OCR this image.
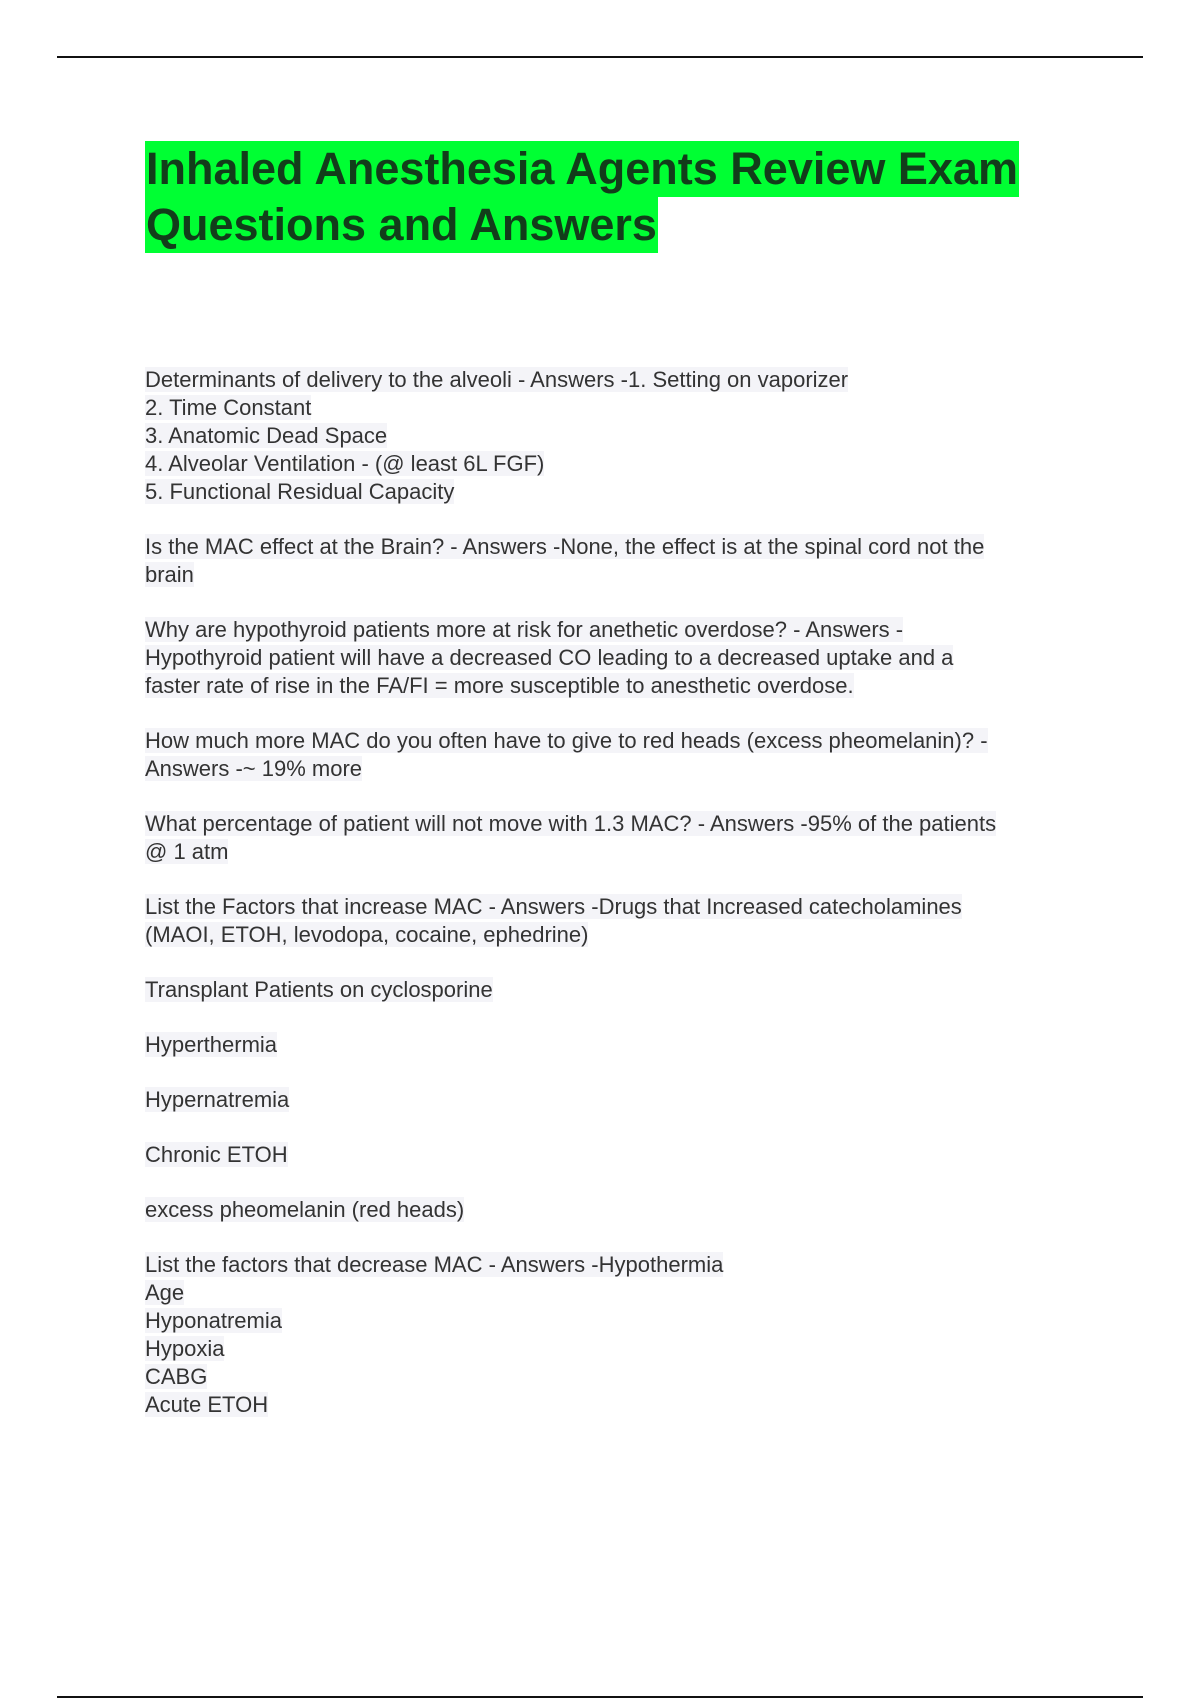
Inhaled Anesthesia Agents Review Exam
Questions and Answers
Determinants of delivery to the alveoli - Answers -1. Setting on vaporizer
2. Time Constant
3. Anatomic Dead Space
4. Alveolar Ventilation - (@ least 6L FGF)
5. Functional Residual Capacity
Is the MAC effect at the Brain? - Answers -None, the effect is at the spinal cord not the
brain
Why are hypothyroid patients more at risk for anethetic overdose? - Answers -
Hypothyroid patient will have a decreased CO leading to a decreased uptake and a
faster rate of rise in the FA/FI = more susceptible to anesthetic overdose.
How much more MAC do you often have to give to red heads (excess pheomelanin)? -
Answers -~ 19% more
What percentage of patient will not move with 1.3 MAC? - Answers -95% of the patients
@ 1 atm
List the Factors that increase MAC - Answers -Drugs that Increased catecholamines
(MAOI, ETOH, levodopa, cocaine, ephedrine)
Transplant Patients on cyclosporine
Hyperthermia
Hypernatremia
Chronic ETOH
excess pheomelanin (red heads)
List the factors that decrease MAC - Answers -Hypothermia
Age
Hyponatremia
Hypoxia
CABG
Acute ETOH
